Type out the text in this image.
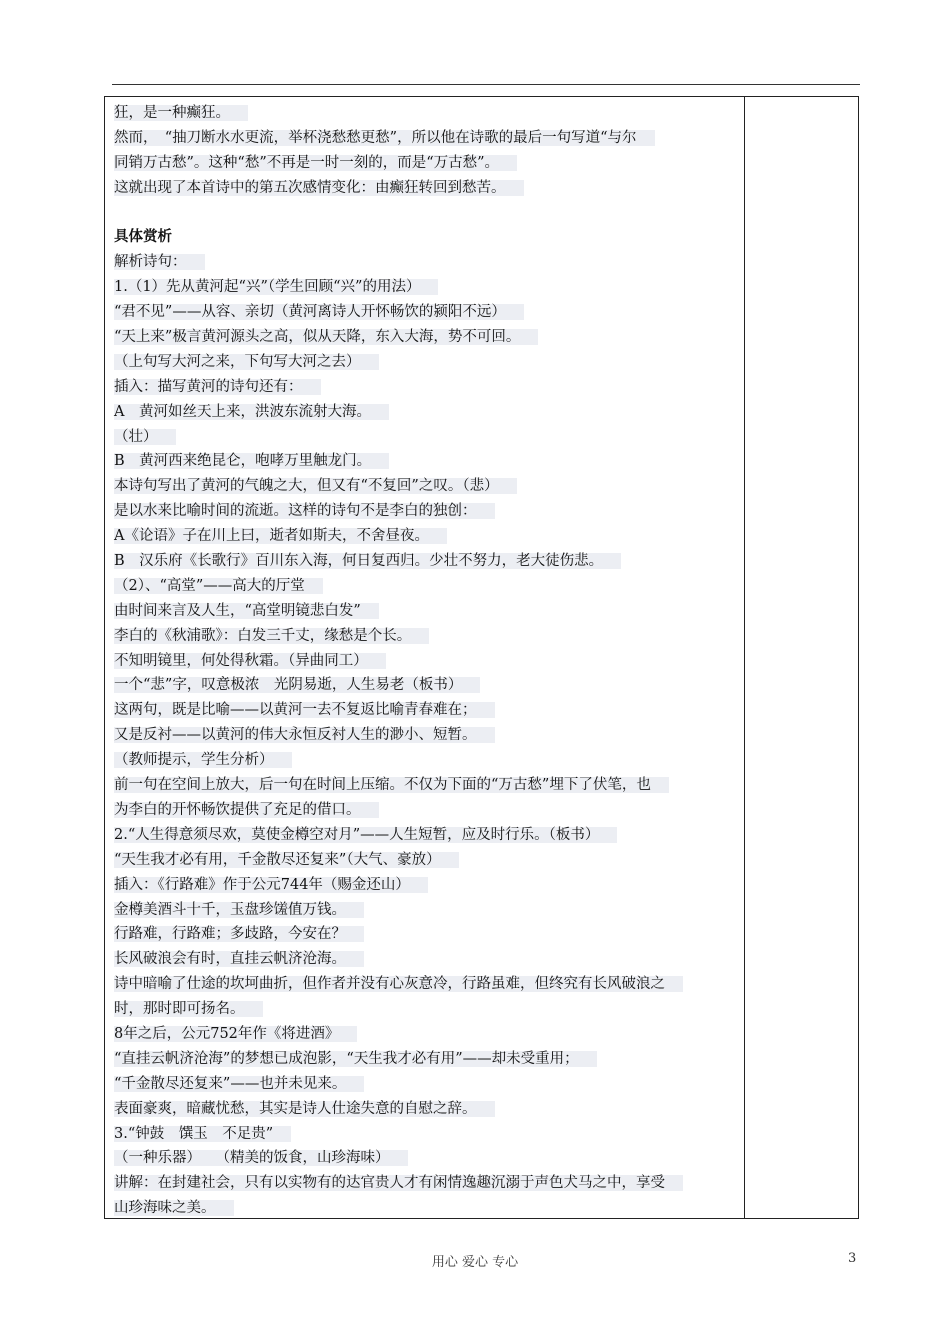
狂，是一种癫狂。
然而，　“抽刀断水水更流，举杯浇愁愁更愁”，所以他在诗歌的最后一句写道“与尔
同销万古愁”。这种“愁”不再是一时一刻的，而是“万古愁”。
这就出现了本首诗中的第五次感情变化：由癫狂转回到愁苦。
具体赏析
解析诗句：
1.（1）先从黄河起“兴”（学生回顾“兴”的用法）
“君不见”——从容、亲切（黄河离诗人开怀畅饮的颍阳不远）
“天上来”极言黄河源头之高，似从天降，东入大海，势不可回。
（上句写大河之来，下句写大河之去）
插入：描写黄河的诗句还有：
A　黄河如丝天上来，洪波东流射大海。
（壮）
B　黄河西来绝昆仑，咆哮万里触龙门。
本诗句写出了黄河的气魄之大，但又有“不复回”之叹。（悲）
是以水来比喻时间的流逝。这样的诗句不是李白的独创：
A《论语》子在川上曰，逝者如斯夫，不舍昼夜。
B　汉乐府《长歌行》百川东入海，何日复西归。少壮不努力，老大徒伤悲。
（2）、“高堂”——高大的厅堂
由时间来言及人生，“高堂明镜悲白发”
李白的《秋浦歌》：白发三千丈，缘愁是个长。
不知明镜里，何处得秋霜。（异曲同工）
一个“悲”字，叹意极浓　光阴易逝，人生易老（板书）
这两句，既是比喻——以黄河一去不复返比喻青春难在；
又是反衬——以黄河的伟大永恒反衬人生的渺小、短暂。
（教师提示，学生分析）
前一句在空间上放大，后一句在时间上压缩。不仅为下面的“万古愁”埋下了伏笔，也
为李白的开怀畅饮提供了充足的借口。
2.“人生得意须尽欢，莫使金樽空对月”——人生短暂，应及时行乐。（板书）
“天生我才必有用，千金散尽还复来”（大气、豪放）
插入：《行路难》作于公元744年（赐金还山）
金樽美酒斗十千，玉盘珍馐值万钱。
行路难，行路难；多歧路，今安在？
长风破浪会有时，直挂云帆济沧海。
诗中暗喻了仕途的坎坷曲折，但作者并没有心灰意冷，行路虽难，但终究有长风破浪之
时，那时即可扬名。
8年之后，公元752年作《将进酒》
“直挂云帆济沧海”的梦想已成泡影，“天生我才必有用”——却未受重用；
“千金散尽还复来”——也并未见来。
表面豪爽，暗藏忧愁，其实是诗人仕途失意的自慰之辞。
3.“钟鼓　馔玉　不足贵”
（一种乐器）　　（精美的饭食，山珍海味）
讲解：在封建社会，只有以实物有的达官贵人才有闲情逸趣沉溺于声色犬马之中，享受
山珍海味之美。
用心 爱心 专心	3
